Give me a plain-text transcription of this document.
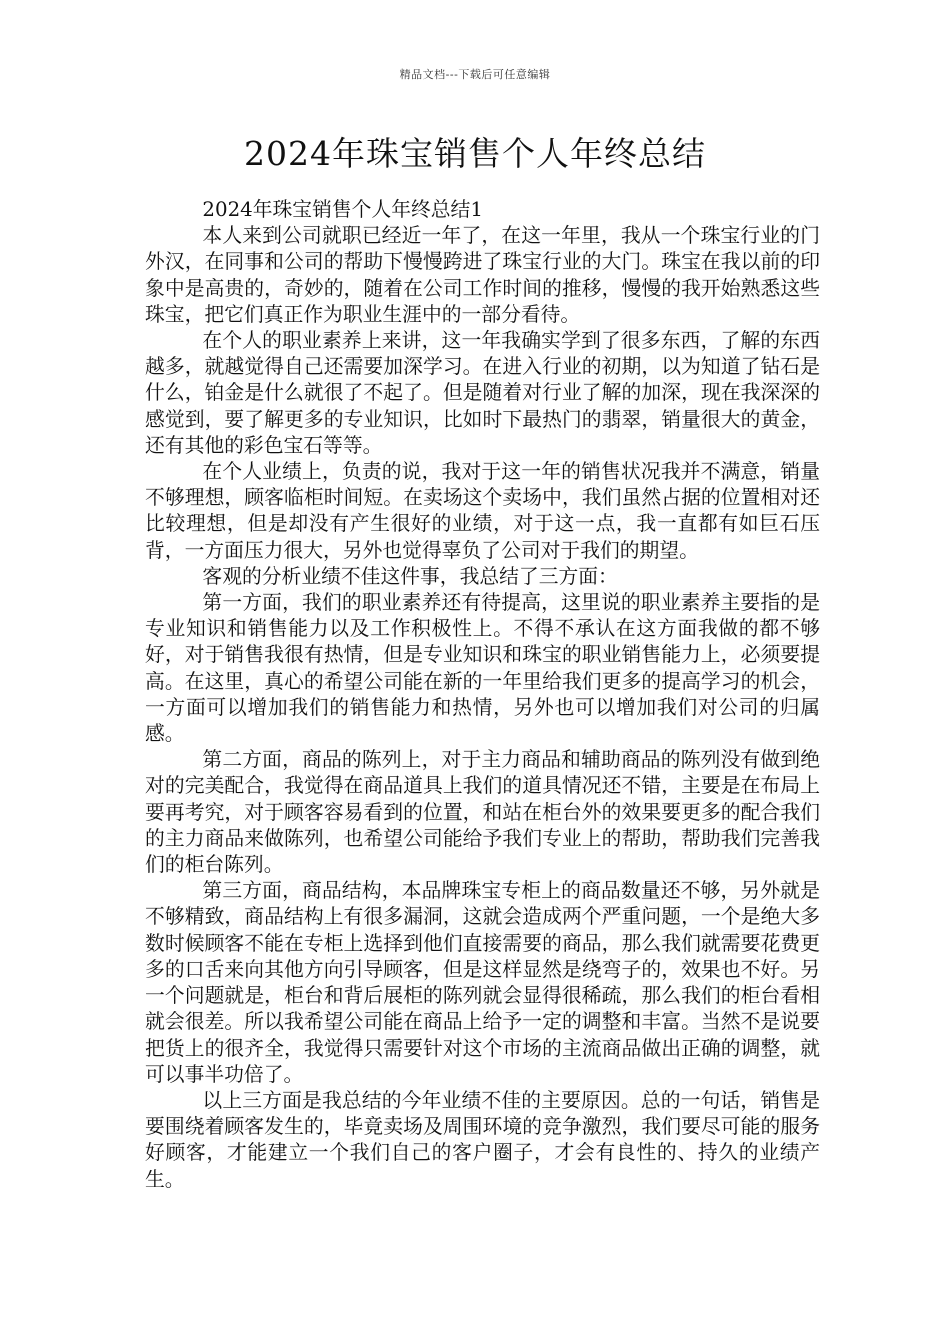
精品文档---下载后可任意编辑
2024年珠宝销售个人年终总结

2024年珠宝销售个人年终总结1

本人来到公司就职已经近一年了，在这一年里，我从一个珠宝行业的门外汉，在同事和公司的帮助下慢慢跨进了珠宝行业的大门。珠宝在我以前的印象中是高贵的，奇妙的，随着在公司工作时间的推移，慢慢的我开始熟悉这些珠宝，把它们真正作为职业生涯中的一部分看待。

在个人的职业素养上来讲，这一年我确实学到了很多东西，了解的东西越多，就越觉得自己还需要加深学习。在进入行业的初期，以为知道了钻石是什么，铂金是什么就很了不起了。但是随着对行业了解的加深，现在我深深的感觉到，要了解更多的专业知识，比如时下最热门的翡翠，销量很大的黄金，还有其他的彩色宝石等等。

在个人业绩上，负责的说，我对于这一年的销售状况我并不满意，销量不够理想，顾客临柜时间短。在卖场这个卖场中，我们虽然占据的位置相对还比较理想，但是却没有产生很好的业绩，对于这一点，我一直都有如巨石压背，一方面压力很大，另外也觉得辜负了公司对于我们的期望。

客观的分析业绩不佳这件事，我总结了三方面：

第一方面，我们的职业素养还有待提高，这里说的职业素养主要指的是专业知识和销售能力以及工作积极性上。不得不承认在这方面我做的都不够好，对于销售我很有热情，但是专业知识和珠宝的职业销售能力上，必须要提高。在这里，真心的希望公司能在新的一年里给我们更多的提高学习的机会，一方面可以增加我们的销售能力和热情，另外也可以增加我们对公司的归属感。

第二方面，商品的陈列上，对于主力商品和辅助商品的陈列没有做到绝对的完美配合，我觉得在商品道具上我们的道具情况还不错，主要是在布局上要再考究，对于顾客容易看到的位置，和站在柜台外的效果要更多的配合我们的主力商品来做陈列，也希望公司能给予我们专业上的帮助，帮助我们完善我们的柜台陈列。

第三方面，商品结构，本品牌珠宝专柜上的商品数量还不够，另外就是不够精致，商品结构上有很多漏洞，这就会造成两个严重问题，一个是绝大多数时候顾客不能在专柜上选择到他们直接需要的商品，那么我们就需要花费更多的口舌来向其他方向引导顾客，但是这样显然是绕弯子的，效果也不好。另一个问题就是，柜台和背后展柜的陈列就会显得很稀疏，那么我们的柜台看相就会很差。所以我希望公司能在商品上给予一定的调整和丰富。当然不是说要把货上的很齐全，我觉得只需要针对这个市场的主流商品做出正确的调整，就可以事半功倍了。

以上三方面是我总结的今年业绩不佳的主要原因。总的一句话，销售是要围绕着顾客发生的，毕竟卖场及周围环境的竞争激烈，我们要尽可能的服务好顾客，才能建立一个我们自己的客户圈子，才会有良性的、持久的业绩产生。
